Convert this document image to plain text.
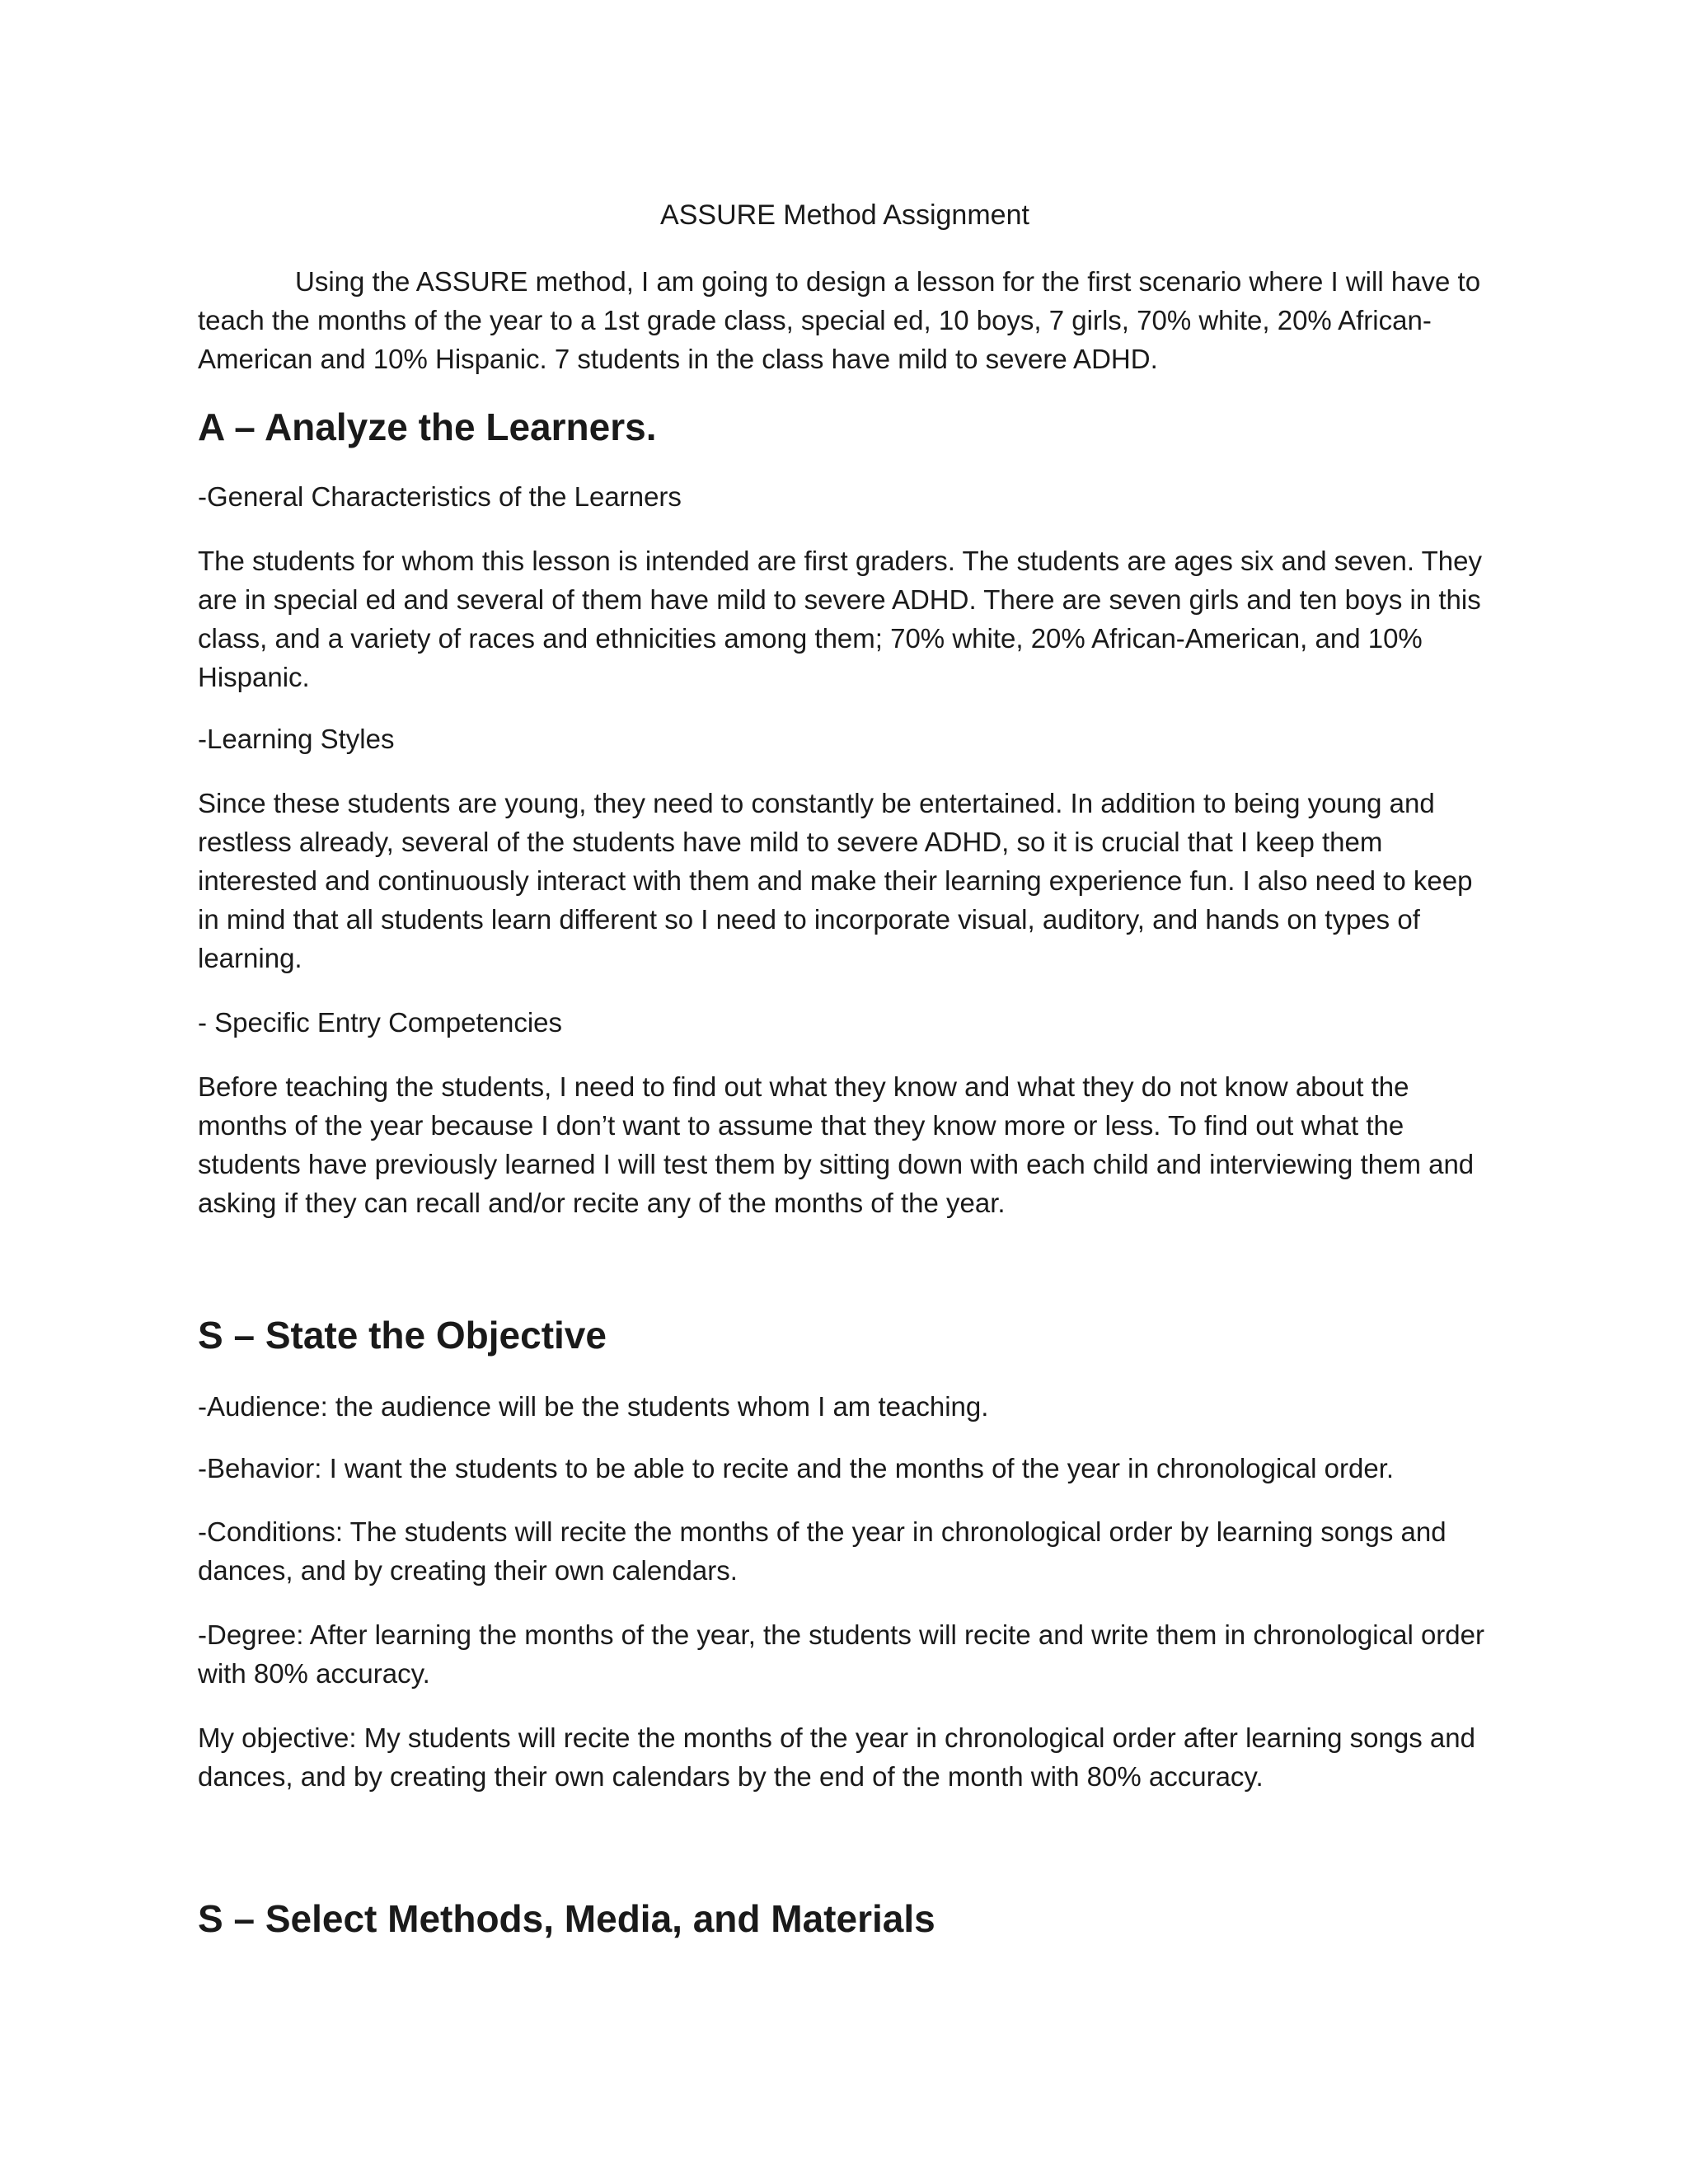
ASSURE Method Assignment

Using the ASSURE method, I am going to design a lesson for the first scenario where I will have to teach the months of the year to a 1st grade class, special ed, 10 boys, 7 girls, 70% white, 20% African-American and 10% Hispanic. 7 students in the class have mild to severe ADHD.

A – Analyze the Learners.

-General Characteristics of the Learners

The students for whom this lesson is intended are first graders. The students are ages six and seven. They are in special ed and several of them have mild to severe ADHD. There are seven girls and ten boys in this class, and a variety of races and ethnicities among them; 70% white, 20% African-American, and 10% Hispanic.

-Learning Styles

Since these students are young, they need to constantly be entertained. In addition to being young and restless already, several of the students have mild to severe ADHD, so it is crucial that I keep them interested and continuously interact with them and make their learning experience fun. I also need to keep in mind that all students learn different so I need to incorporate visual, auditory, and hands on types of learning.

- Specific Entry Competencies

Before teaching the students, I need to find out what they know and what they do not know about the months of the year because I don’t want to assume that they know more or less. To find out what the students have previously learned I will test them by sitting down with each child and interviewing them and asking if they can recall and/or recite any of the months of the year.

S – State the Objective

-Audience: the audience will be the students whom I am teaching.

-Behavior: I want the students to be able to recite and the months of the year in chronological order.

-Conditions: The students will recite the months of the year in chronological order by learning songs and dances, and by creating their own calendars.

-Degree: After learning the months of the year, the students will recite and write them in chronological order with 80% accuracy.

My objective: My students will recite the months of the year in chronological order after learning songs and dances, and by creating their own calendars by the end of the month with 80% accuracy.

S – Select Methods, Media, and Materials
